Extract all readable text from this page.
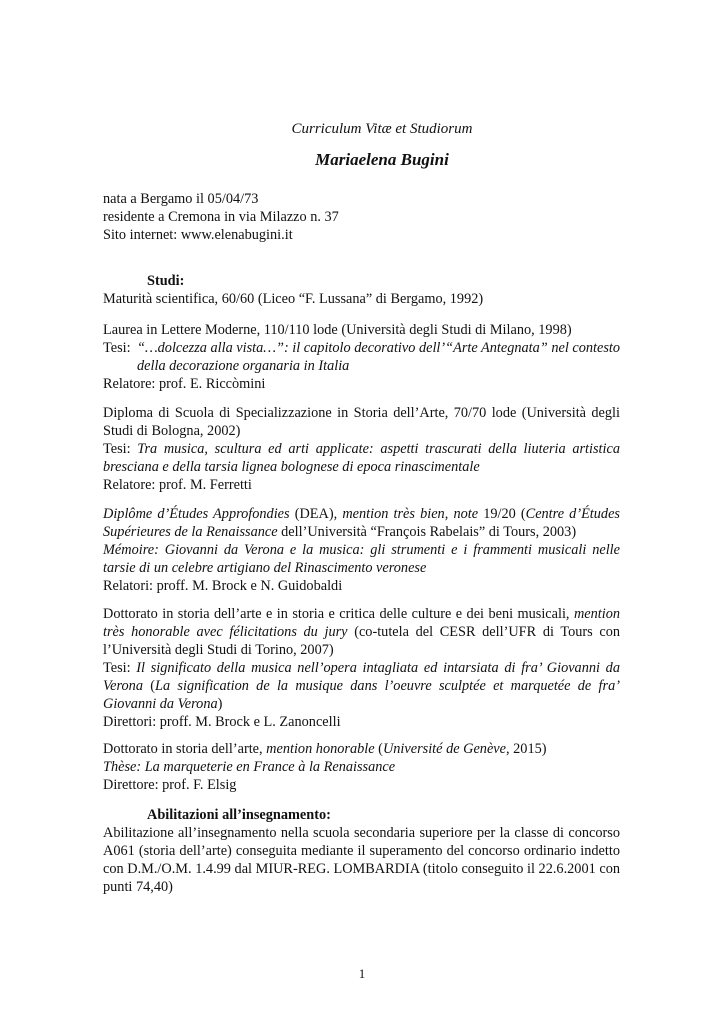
Curriculum Vitæ et Studiorum
Mariaelena Bugini
nata a Bergamo il 05/04/73
residente a Cremona in via Milazzo n. 37
Sito internet: www.elenabugini.it

Studi:

Maturità scientifica, 60/60 (Liceo “F. Lussana” di Bergamo, 1992)

Laurea in Lettere Moderne, 110/110 lode (Università degli Studi di Milano, 1998)

Tesi: “…dolcezza alla vista…”: il capitolo decorativo dell’“Arte Antegnata” nel contesto della decorazione organaria in Italia

Relatore: prof. E. Riccòmini

Diploma di Scuola di Specializzazione in Storia dell’Arte, 70/70 lode (Università degli Studi di Bologna, 2002)

Tesi: Tra musica, scultura ed arti applicate: aspetti trascurati della liuteria artistica bresciana e della tarsia lignea bolognese di epoca rinascimentale

Relatore: prof. M. Ferretti

Diplôme d’Études Approfondies (DEA), mention très bien, note 19/20 (Centre d’Études Supérieures de la Renaissance dell’Università “François Rabelais” di Tours, 2003)

Mémoire: Giovanni da Verona e la musica: gli strumenti e i frammenti musicali nelle tarsie di un celebre artigiano del Rinascimento veronese

Relatori: proff. M. Brock e N. Guidobaldi

Dottorato in storia dell’arte e in storia e critica delle culture e dei beni musicali, mention très honorable avec félicitations du jury (co-tutela del CESR dell’UFR di Tours con l’Università degli Studi di Torino, 2007)

Tesi: Il significato della musica nell’opera intagliata ed intarsiata di fra’ Giovanni da Verona (La signification de la musique dans l’oeuvre sculptée et marquetée de fra’ Giovanni da Verona)

Direttori: proff. M. Brock e L. Zanoncelli

Dottorato in storia dell’arte, mention honorable (Université de Genève, 2015)

Thèse: La marqueterie en France à la Renaissance

Direttore: prof. F. Elsig

Abilitazioni all’insegnamento:

Abilitazione all’insegnamento nella scuola secondaria superiore per la classe di concorso A061 (storia dell’arte) conseguita mediante il superamento del concorso ordinario indetto con D.M./O.M. 1.4.99 dal MIUR-REG. LOMBARDIA (titolo conseguito il 22.6.2001 con punti 74,40)

1
